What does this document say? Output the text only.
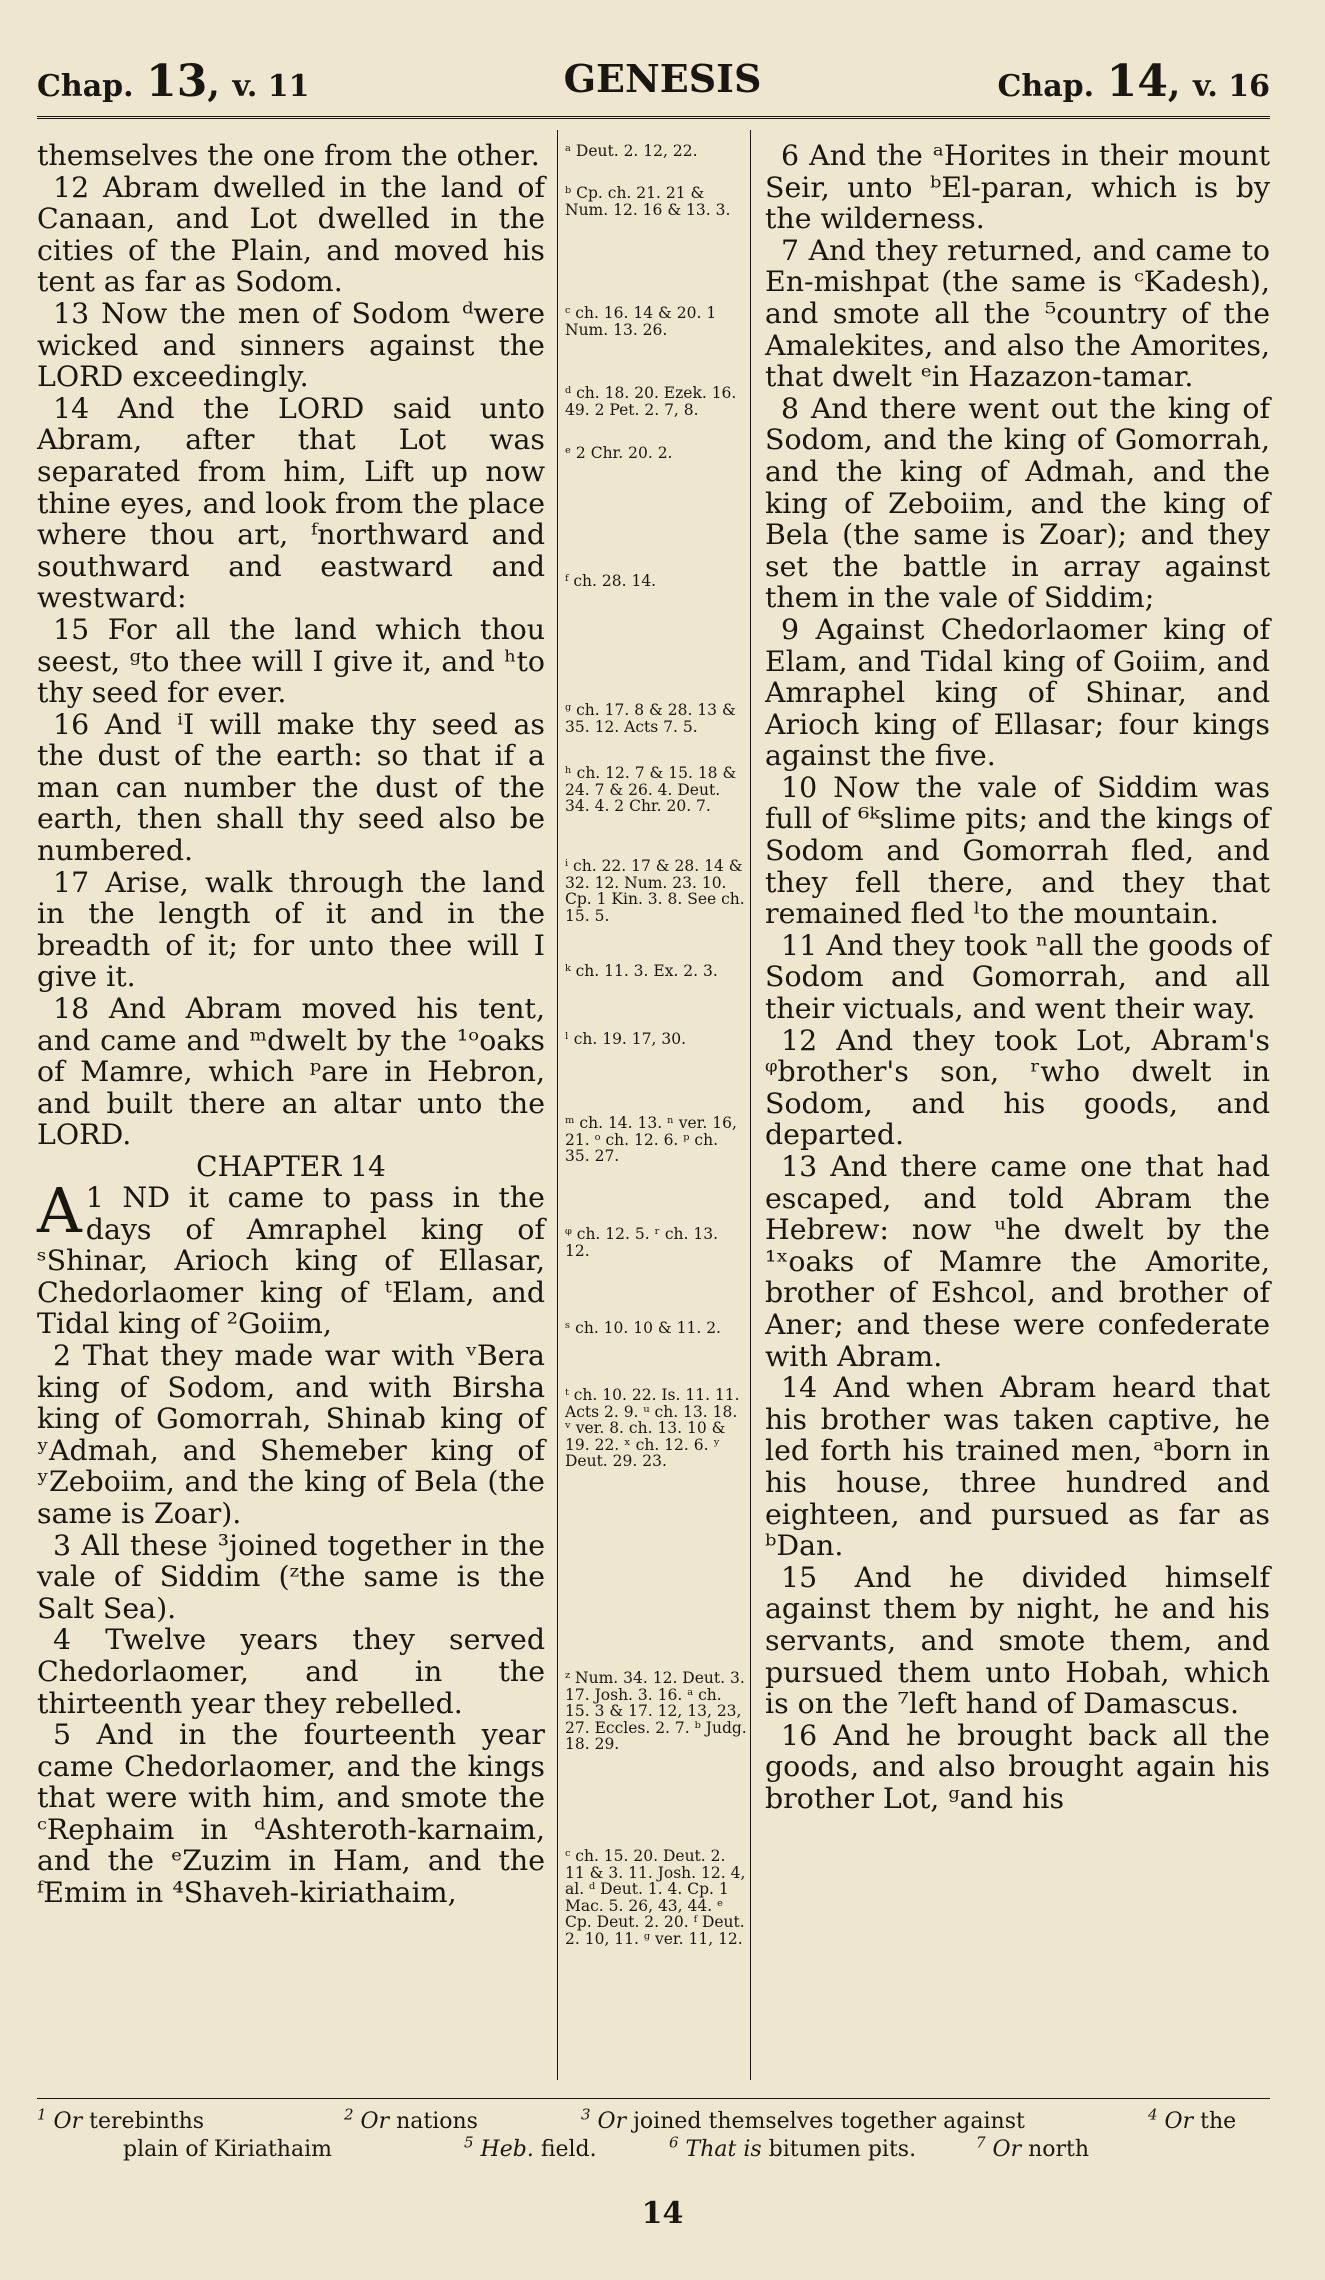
Chap. 13, v. 11	GENESIS	Chap. 14, v. 16

themselves the one from the other.

12 Abram dwelled in the land of Canaan, and Lot dwelled in the cities of the Plain, and moved his tent as far as Sodom.

13 Now the men of Sodom ᵈwere wicked and sinners against the LORD exceedingly.

14 And the LORD said unto Abram, after that Lot was separated from him, Lift up now thine eyes, and look from the place where thou art, ᶠnorthward and southward and eastward and westward:

15 For all the land which thou seest, ᵍto thee will I give it, and ʰto thy seed for ever.

16 And ⁱI will make thy seed as the dust of the earth: so that if a man can number the dust of the earth, then shall thy seed also be numbered.

17 Arise, walk through the land in the length of it and in the breadth of it; for unto thee will I give it.

18 And Abram moved his tent, and came and ᵐdwelt by the ¹ᵒoaks of Mamre, which ᵖare in Hebron, and built there an altar unto the LORD.

CHAPTER 14

1
A ND it came to pass in the days of Amraphel king of ˢShinar, Arioch king of Ellasar, Chedorlaomer king of ᵗElam, and Tidal king of ²Goiim,

2 That they made war with ᵛBera king of Sodom, and with Birsha king of Gomorrah, Shinab king of ʸAdmah, and Shemeber king of ʸZeboiim, and the king of Bela (the same is Zoar).

3 All these ³joined together in the vale of Siddim (ᶻthe same is the Salt Sea).

4 Twelve years they served Chedorlaomer, and in the thirteenth year they rebelled.

5 And in the fourteenth year came Chedorlaomer, and the kings that were with him, and smote the ᶜRephaim in ᵈAshteroth-karnaim, and the ᵉZuzim in Ham, and the ᶠEmim in ⁴Shaveh-kiriathaim,

ᵃ Deut. 2. 12, 22.
ᵇ Cp. ch. 21. 21 & Num. 12. 16 & 13. 3.
ᶜ ch. 16. 14 & 20. 1 Num. 13. 26.
ᵈ ch. 18. 20. Ezek. 16. 49. 2 Pet. 2. 7, 8.
ᵉ 2 Chr. 20. 2.
ᶠ ch. 28. 14.
ᵍ ch. 17. 8 & 28. 13 & 35. 12. Acts 7. 5.
ʰ ch. 12. 7 & 15. 18 & 24. 7 & 26. 4. Deut. 34. 4. 2 Chr. 20. 7.
ⁱ ch. 22. 17 & 28. 14 & 32. 12. Num. 23. 10. Cp. 1 Kin. 3. 8. See ch. 15. 5.
ᵏ ch. 11. 3. Ex. 2. 3.
ˡ ch. 19. 17, 30.
ᵐ ch. 14. 13. ⁿ ver. 16, 21. ᵒ ch. 12. 6. ᵖ ch. 35. 27.
ᵠ ch. 12. 5. ʳ ch. 13. 12.
ˢ ch. 10. 10 & 11. 2.
ᵗ ch. 10. 22. Is. 11. 11. Acts 2. 9. ᵘ ch. 13. 18. ᵛ ver. 8. ch. 13. 10 & 19. 22. ˣ ch. 12. 6. ʸ Deut. 29. 23.
ᶻ Num. 34. 12. Deut. 3. 17. Josh. 3. 16. ᵃ ch. 15. 3 & 17. 12, 13, 23, 27. Eccles. 2. 7. ᵇ Judg. 18. 29.
ᶜ ch. 15. 20. Deut. 2. 11 & 3. 11. Josh. 12. 4, al. ᵈ Deut. 1. 4. Cp. 1 Mac. 5. 26, 43, 44. ᵉ Cp. Deut. 2. 20. ᶠ Deut. 2. 10, 11. ᵍ ver. 11, 12.

6 And the ᵃHorites in their mount Seir, unto ᵇEl-paran, which is by the wilderness.

7 And they returned, and came to En-mishpat (the same is ᶜKadesh), and smote all the ⁵country of the Amalekites, and also the Amorites, that dwelt ᵉin Hazazon-tamar.

8 And there went out the king of Sodom, and the king of Gomorrah, and the king of Admah, and the king of Zeboiim, and the king of Bela (the same is Zoar); and they set the battle in array against them in the vale of Siddim;

9 Against Chedorlaomer king of Elam, and Tidal king of Goiim, and Amraphel king of Shinar, and Arioch king of Ellasar; four kings against the five.

10 Now the vale of Siddim was full of ⁶ᵏslime pits; and the kings of Sodom and Gomorrah fled, and they fell there, and they that remained fled ˡto the mountain.

11 And they took ⁿall the goods of Sodom and Gomorrah, and all their victuals, and went their way.

12 And they took Lot, Abram's ᵠbrother's son, ʳwho dwelt in Sodom, and his goods, and departed.

13 And there came one that had escaped, and told Abram the Hebrew: now ᵘhe dwelt by the ¹ˣoaks of Mamre the Amorite, brother of Eshcol, and brother of Aner; and these were confederate with Abram.

14 And when Abram heard that his brother was taken captive, he led forth his trained men, ᵃborn in his house, three hundred and eighteen, and pursued as far as ᵇDan.

15 And he divided himself against them by night, he and his servants, and smote them, and pursued them unto Hobah, which is on the ⁷left hand of Damascus.

16 And he brought back all the goods, and also brought again his brother Lot, ᵍand his

$^1$ Or terebinths	$^2$ Or nations	$^3$ Or joined themselves together against	$^4$ Or the
plain of Kiriathaim	$^5$ Heb. field.	$^6$ That is bitumen pits.	$^7$ Or north
14
